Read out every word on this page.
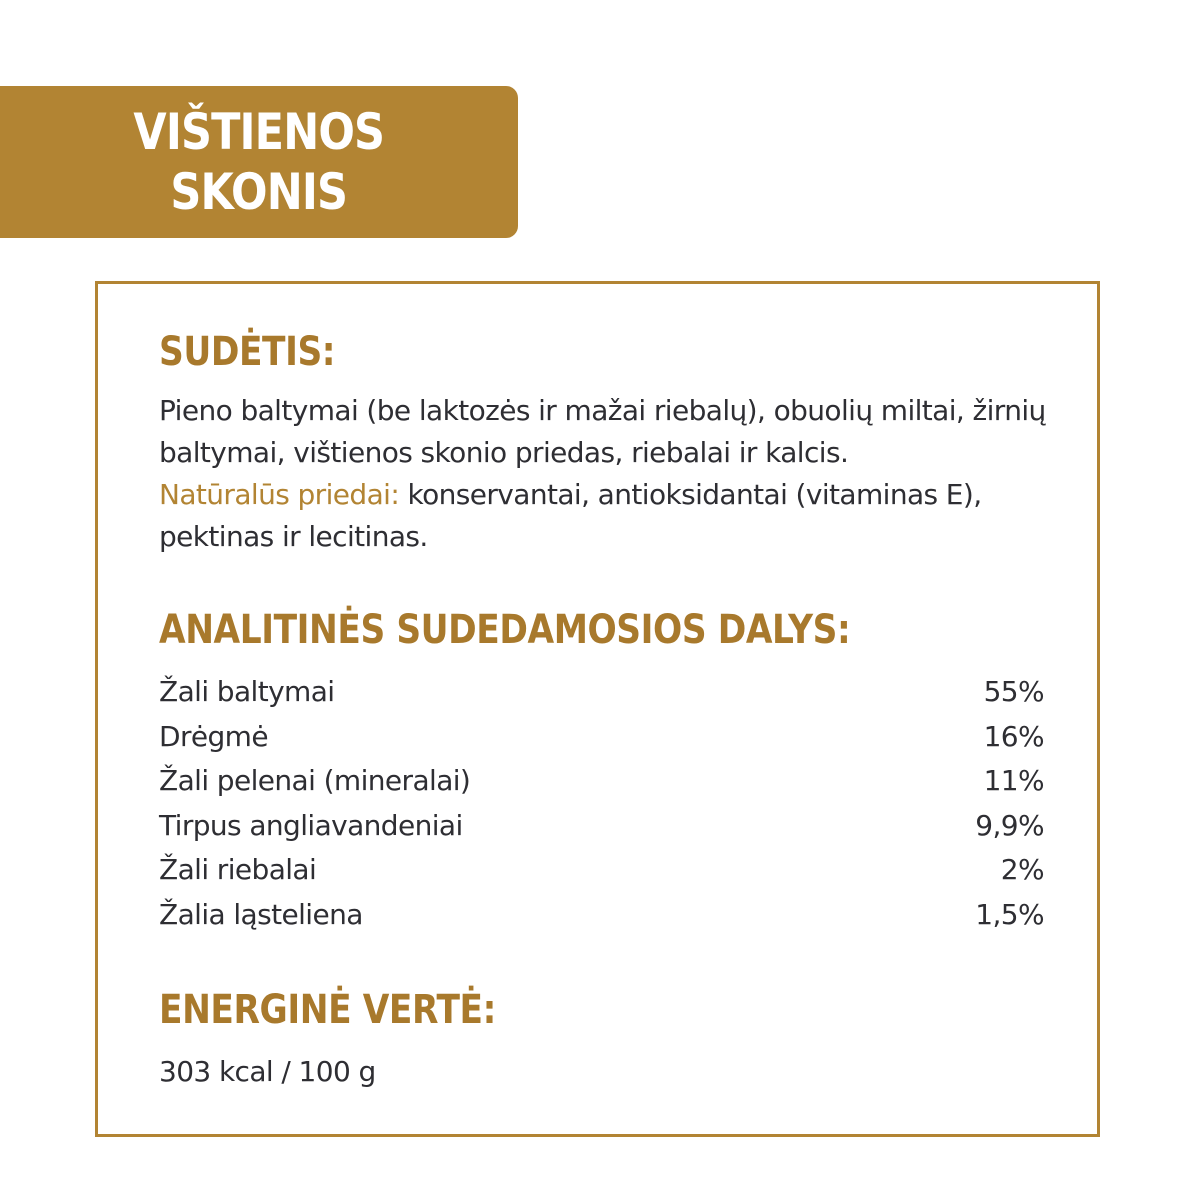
VIŠTIENOS
SKONIS
SUDĖTIS:

Pieno baltymai (be laktozės ir mažai riebalų), obuolių miltai, žirnių baltymai, vištienos skonio priedas, riebalai ir kalcis.
Natūralūs priedai: konservantai, antioksidantai (vitaminas E), pektinas ir lecitinas.

ANALITINĖS SUDEDAMOSIOS DALYS:
Žali baltymai	55%
Drėgmė	16%
Žali pelenai (mineralai)	11%
Tirpus angliavandeniai	9,9%
Žali riebalai	2%
Žalia ląsteliena	1,5%
ENERGINĖ VERTĖ:

303 kcal / 100 g
